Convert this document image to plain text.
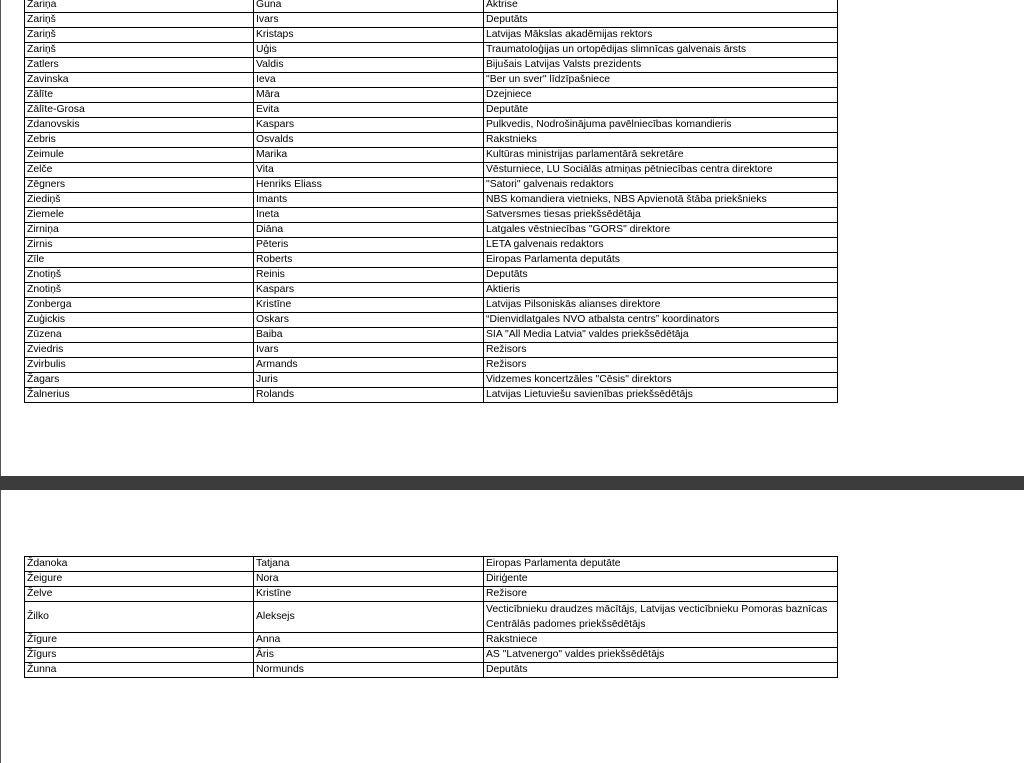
Zariņa	Guna	Aktrise
Zariņš	Ivars	Deputāts
Zariņš	Kristaps	Latvijas Mākslas akadēmijas rektors
Zariņš	Uģis	Traumatoloģijas un ortopēdijas slimnīcas galvenais ārsts
Zatlers	Valdis	Bijušais Latvijas Valsts prezidents
Zavinska	Ieva	"Ber un sver" līdzīpašniece
Zālīte	Māra	Dzejniece
Zālīte-Grosa	Evita	Deputāte
Zdanovskis	Kaspars	Pulkvedis, Nodrošinājuma pavēlniecības komandieris
Zebris	Osvalds	Rakstnieks
Zeimule	Marika	Kultūras ministrijas parlamentārā sekretāre
Zelče	Vita	Vēsturniece, LU Sociālās atmiņas pētniecības centra direktore
Zēgners	Henriks Eliass	"Satori" galvenais redaktors
Ziediņš	Imants	NBS komandiera vietnieks, NBS Apvienotā štāba priekšnieks
Ziemele	Ineta	Satversmes tiesas priekšsēdētāja
Zirniņa	Diāna	Latgales vēstniecības "GORS" direktore
Zirnis	Pēteris	LETA galvenais redaktors
Zīle	Roberts	Eiropas Parlamenta deputāts
Znotiņš	Reinis	Deputāts
Znotiņš	Kaspars	Aktieris
Zonberga	Kristīne	Latvijas Pilsoniskās alianses direktore
Zuģickis	Oskars	“Dienvidlatgales NVO atbalsta centrs” koordinators
Zūzena	Baiba	SIA "All Media Latvia" valdes priekšsēdētāja
Zviedris	Ivars	Režisors
Zvirbulis	Armands	Režisors
Žagars	Juris	Vidzemes koncertzāles "Cēsis" direktors
Žalnerius	Rolands	Latvijas Lietuviešu savienības priekšsēdētājs
Ždanoka	Tatjana	Eiropas Parlamenta deputāte
Žeigure	Nora	Diriģente
Želve	Kristīne	Režisore
Žilko	Aleksejs	Vecticībnieku draudzes mācītājs, Latvijas vecticībnieku Pomoras baznīcas Centrālās padomes priekšsēdētājs
Žīgure	Anna	Rakstniece
Žīgurs	Āris	AS "Latvenergo" valdes priekšsēdētājs
Žunna	Normunds	Deputāts
